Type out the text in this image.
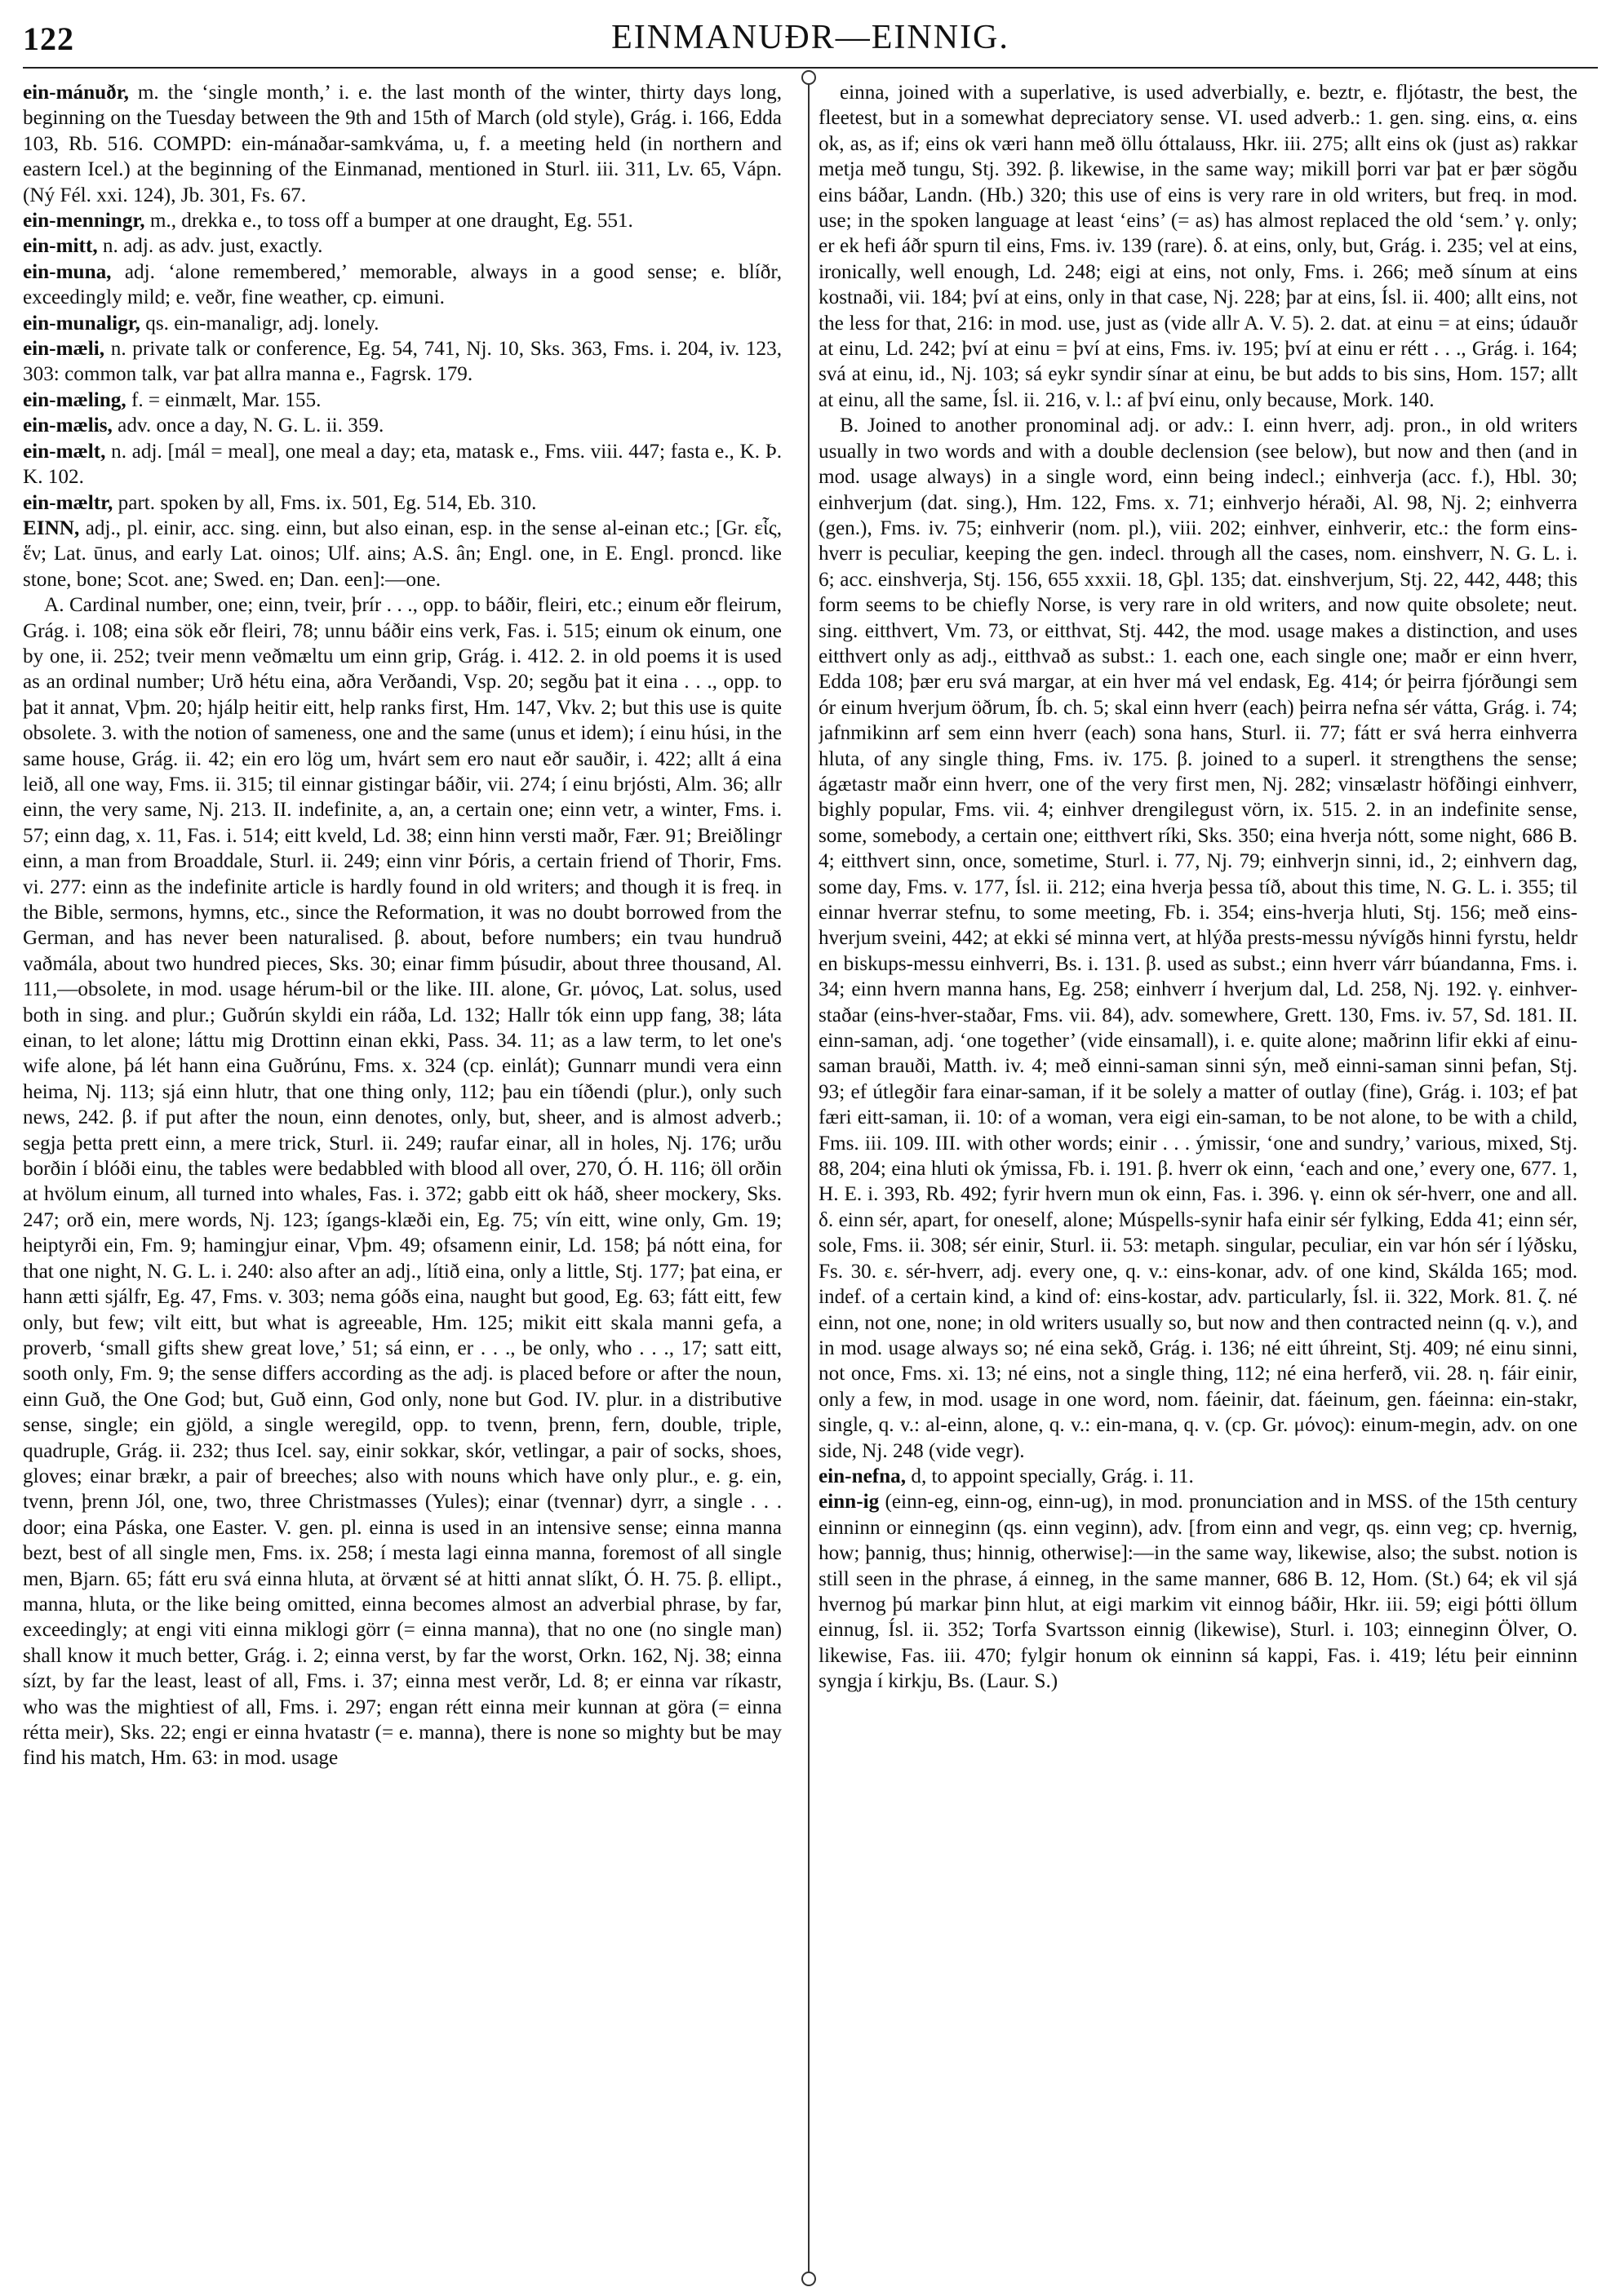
122	EINMANUÐR—EINNIG.

ein-mánuðr, m. the ‘single month,’ i. e. the last month of the winter, thirty days long, beginning on the Tuesday between the 9th and 15th of March (old style), Grág. i. 166, Edda 103, Rb. 516. COMPD: ein-mánaðar-samkváma, u, f. a meeting held (in northern and eastern Icel.) at the beginning of the Einmanad, mentioned in Sturl. iii. 311, Lv. 65, Vápn. (Ný Fél. xxi. 124), Jb. 301, Fs. 67.

ein-menningr, m., drekka e., to toss off a bumper at one draught, Eg. 551.

ein-mitt, n. adj. as adv. just, exactly.

ein-muna, adj. ‘alone remembered,’ memorable, always in a good sense; e. blíðr, exceedingly mild; e. veðr, fine weather, cp. eimuni.

ein-munaligr, qs. ein-manaligr, adj. lonely.

ein-mæli, n. private talk or conference, Eg. 54, 741, Nj. 10, Sks. 363, Fms. i. 204, iv. 123, 303: common talk, var þat allra manna e., Fagrsk. 179.

ein-mæling, f. = einmælt, Mar. 155.

ein-mælis, adv. once a day, N. G. L. ii. 359.

ein-mælt, n. adj. [mál = meal], one meal a day; eta, matask e., Fms. viii. 447; fasta e., K. Þ. K. 102.

ein-mæltr, part. spoken by all, Fms. ix. 501, Eg. 514, Eb. 310.

EINN, adj., pl. einir, acc. sing. einn, but also einan, esp. in the sense al-einan etc.; [Gr. εἷς, ἕν; Lat. ūnus, and early Lat. oinos; Ulf. ains; A.S. ân; Engl. one, in E. Engl. proncd. like stone, bone; Scot. ane; Swed. en; Dan. een]:—one.

A. Cardinal number, one; einn, tveir, þrír . . ., opp. to báðir, fleiri, etc.; einum eðr fleirum, Grág. i. 108; eina sök eðr fleiri, 78; unnu báðir eins verk, Fas. i. 515; einum ok einum, one by one, ii. 252; tveir menn veðmæltu um einn grip, Grág. i. 412. 2. in old poems it is used as an ordinal number; Urð hétu eina, aðra Verðandi, Vsp. 20; segðu þat it eina . . ., opp. to þat it annat, Vþm. 20; hjálp heitir eitt, help ranks first, Hm. 147, Vkv. 2; but this use is quite obsolete. 3. with the notion of sameness, one and the same (unus et idem); í einu húsi, in the same house, Grág. ii. 42; ein ero lög um, hvárt sem ero naut eðr sauðir, i. 422; allt á eina leið, all one way, Fms. ii. 315; til einnar gistingar báðir, vii. 274; í einu brjósti, Alm. 36; allr einn, the very same, Nj. 213. II. indefinite, a, an, a certain one; einn vetr, a winter, Fms. i. 57; einn dag, x. 11, Fas. i. 514; eitt kveld, Ld. 38; einn hinn versti maðr, Fær. 91; Breiðlingr einn, a man from Broaddale, Sturl. ii. 249; einn vinr Þóris, a certain friend of Thorir, Fms. vi. 277: einn as the indefinite article is hardly found in old writers; and though it is freq. in the Bible, sermons, hymns, etc., since the Reformation, it was no doubt borrowed from the German, and has never been naturalised. β. about, before numbers; ein tvau hundruð vaðmála, about two hundred pieces, Sks. 30; einar fimm þúsudir, about three thousand, Al. 111,—obsolete, in mod. usage hérum-bil or the like. III. alone, Gr. μόνος, Lat. solus, used both in sing. and plur.; Guðrún skyldi ein ráða, Ld. 132; Hallr tók einn upp fang, 38; láta einan, to let alone; láttu mig Drottinn einan ekki, Pass. 34. 11; as a law term, to let one's wife alone, þá lét hann eina Guðrúnu, Fms. x. 324 (cp. einlát); Gunnarr mundi vera einn heima, Nj. 113; sjá einn hlutr, that one thing only, 112; þau ein tíðendi (plur.), only such news, 242. β. if put after the noun, einn denotes, only, but, sheer, and is almost adverb.; segja þetta prett einn, a mere trick, Sturl. ii. 249; raufar einar, all in holes, Nj. 176; urðu borðin í blóði einu, the tables were bedabbled with blood all over, 270, Ó. H. 116; öll orðin at hvölum einum, all turned into whales, Fas. i. 372; gabb eitt ok háð, sheer mockery, Sks. 247; orð ein, mere words, Nj. 123; ígangs-klæði ein, Eg. 75; vín eitt, wine only, Gm. 19; heiptyrði ein, Fm. 9; hamingjur einar, Vþm. 49; ofsamenn einir, Ld. 158; þá nótt eina, for that one night, N. G. L. i. 240: also after an adj., lítið eina, only a little, Stj. 177; þat eina, er hann ætti sjálfr, Eg. 47, Fms. v. 303; nema góðs eina, naught but good, Eg. 63; fátt eitt, few only, but few; vilt eitt, but what is agreeable, Hm. 125; mikit eitt skala manni gefa, a proverb, ‘small gifts shew great love,’ 51; sá einn, er . . ., be only, who . . ., 17; satt eitt, sooth only, Fm. 9; the sense differs according as the adj. is placed before or after the noun, einn Guð, the One God; but, Guð einn, God only, none but God. IV. plur. in a distributive sense, single; ein gjöld, a single weregild, opp. to tvenn, þrenn, fern, double, triple, quadruple, Grág. ii. 232; thus Icel. say, einir sokkar, skór, vetlingar, a pair of socks, shoes, gloves; einar brækr, a pair of breeches; also with nouns which have only plur., e. g. ein, tvenn, þrenn Jól, one, two, three Christmasses (Yules); einar (tvennar) dyrr, a single . . . door; eina Páska, one Easter. V. gen. pl. einna is used in an intensive sense; einna manna bezt, best of all single men, Fms. ix. 258; í mesta lagi einna manna, foremost of all single men, Bjarn. 65; fátt eru svá einna hluta, at örvænt sé at hitti annat slíkt, Ó. H. 75. β. ellipt., manna, hluta, or the like being omitted, einna becomes almost an adverbial phrase, by far, exceedingly; at engi viti einna miklogi görr (= einna manna), that no one (no single man) shall know it much better, Grág. i. 2; einna verst, by far the worst, Orkn. 162, Nj. 38; einna sízt, by far the least, least of all, Fms. i. 37; einna mest verðr, Ld. 8; er einna var ríkastr, who was the mightiest of all, Fms. i. 297; engan rétt einna meir kunnan at göra (= einna rétta meir), Sks. 22; engi er einna hvatastr (= e. manna), there is none so mighty but be may find his match, Hm. 63: in mod. usage

einna, joined with a superlative, is used adverbially, e. beztr, e. fljótastr, the best, the fleetest, but in a somewhat depreciatory sense. VI. used adverb.: 1. gen. sing. eins, α. eins ok, as, as if; eins ok væri hann með öllu óttalauss, Hkr. iii. 275; allt eins ok (just as) rakkar metja með tungu, Stj. 392. β. likewise, in the same way; mikill þorri var þat er þær sögðu eins báðar, Landn. (Hb.) 320; this use of eins is very rare in old writers, but freq. in mod. use; in the spoken language at least ‘eins’ (= as) has almost replaced the old ‘sem.’ γ. only; er ek hefi áðr spurn til eins, Fms. iv. 139 (rare). δ. at eins, only, but, Grág. i. 235; vel at eins, ironically, well enough, Ld. 248; eigi at eins, not only, Fms. i. 266; með sínum at eins kostnaði, vii. 184; því at eins, only in that case, Nj. 228; þar at eins, Ísl. ii. 400; allt eins, not the less for that, 216: in mod. use, just as (vide allr A. V. 5). 2. dat. at einu = at eins; údauðr at einu, Ld. 242; því at einu = því at eins, Fms. iv. 195; því at einu er rétt . . ., Grág. i. 164; svá at einu, id., Nj. 103; sá eykr syndir sínar at einu, be but adds to bis sins, Hom. 157; allt at einu, all the same, Ísl. ii. 216, v. l.: af því einu, only because, Mork. 140.

B. Joined to another pronominal adj. or adv.: I. einn hverr, adj. pron., in old writers usually in two words and with a double declension (see below), but now and then (and in mod. usage always) in a single word, einn being indecl.; einhverja (acc. f.), Hbl. 30; einhverjum (dat. sing.), Hm. 122, Fms. x. 71; einhverjo héraði, Al. 98, Nj. 2; einhverra (gen.), Fms. iv. 75; einhverir (nom. pl.), viii. 202; einhver, einhverir, etc.: the form eins-hverr is peculiar, keeping the gen. indecl. through all the cases, nom. einshverr, N. G. L. i. 6; acc. einshverja, Stj. 156, 655 xxxii. 18, Gþl. 135; dat. einshverjum, Stj. 22, 442, 448; this form seems to be chiefly Norse, is very rare in old writers, and now quite obsolete; neut. sing. eitthvert, Vm. 73, or eitthvat, Stj. 442, the mod. usage makes a distinction, and uses eitthvert only as adj., eitthvað as subst.: 1. each one, each single one; maðr er einn hverr, Edda 108; þær eru svá margar, at ein hver má vel endask, Eg. 414; ór þeirra fjórðungi sem ór einum hverjum öðrum, Íb. ch. 5; skal einn hverr (each) þeirra nefna sér vátta, Grág. i. 74; jafnmikinn arf sem einn hverr (each) sona hans, Sturl. ii. 77; fátt er svá herra einhverra hluta, of any single thing, Fms. iv. 175. β. joined to a superl. it strengthens the sense; ágætastr maðr einn hverr, one of the very first men, Nj. 282; vinsælastr höfðingi einhverr, bighly popular, Fms. vii. 4; einhver drengilegust vörn, ix. 515. 2. in an indefinite sense, some, somebody, a certain one; eitthvert ríki, Sks. 350; eina hverja nótt, some night, 686 B. 4; eitthvert sinn, once, sometime, Sturl. i. 77, Nj. 79; einhverjn sinni, id., 2; einhvern dag, some day, Fms. v. 177, Ísl. ii. 212; eina hverja þessa tíð, about this time, N. G. L. i. 355; til einnar hverrar stefnu, to some meeting, Fb. i. 354; eins-hverja hluti, Stj. 156; með eins-hverjum sveini, 442; at ekki sé minna vert, at hlýða prests-messu nývígðs hinni fyrstu, heldr en biskups-messu einhverri, Bs. i. 131. β. used as subst.; einn hverr várr búandanna, Fms. i. 34; einn hvern manna hans, Eg. 258; einhverr í hverjum dal, Ld. 258, Nj. 192. γ. einhver-staðar (eins-hver-staðar, Fms. vii. 84), adv. somewhere, Grett. 130, Fms. iv. 57, Sd. 181. II. einn-saman, adj. ‘one together’ (vide einsamall), i. e. quite alone; maðrinn lifir ekki af einu-saman brauði, Matth. iv. 4; með einni-saman sinni sýn, með einni-saman sinni þefan, Stj. 93; ef útlegðir fara einar-saman, if it be solely a matter of outlay (fine), Grág. i. 103; ef þat færi eitt-saman, ii. 10: of a woman, vera eigi ein-saman, to be not alone, to be with a child, Fms. iii. 109. III. with other words; einir . . . ýmissir, ‘one and sundry,’ various, mixed, Stj. 88, 204; eina hluti ok ýmissa, Fb. i. 191. β. hverr ok einn, ‘each and one,’ every one, 677. 1, H. E. i. 393, Rb. 492; fyrir hvern mun ok einn, Fas. i. 396. γ. einn ok sér-hverr, one and all. δ. einn sér, apart, for oneself, alone; Múspells-synir hafa einir sér fylking, Edda 41; einn sér, sole, Fms. ii. 308; sér einir, Sturl. ii. 53: metaph. singular, peculiar, ein var hón sér í lýðsku, Fs. 30. ε. sér-hverr, adj. every one, q. v.: eins-konar, adv. of one kind, Skálda 165; mod. indef. of a certain kind, a kind of: eins-kostar, adv. particularly, Ísl. ii. 322, Mork. 81. ζ. né einn, not one, none; in old writers usually so, but now and then contracted neinn (q. v.), and in mod. usage always so; né eina sekð, Grág. i. 136; né eitt úhreint, Stj. 409; né einu sinni, not once, Fms. xi. 13; né eins, not a single thing, 112; né eina herferð, vii. 28. η. fáir einir, only a few, in mod. usage in one word, nom. fáeinir, dat. fáeinum, gen. fáeinna: ein-stakr, single, q. v.: al-einn, alone, q. v.: ein-mana, q. v. (cp. Gr. μόνος): einum-megin, adv. on one side, Nj. 248 (vide vegr).

ein-nefna, d, to appoint specially, Grág. i. 11.

einn-ig (einn-eg, einn-og, einn-ug), in mod. pronunciation and in MSS. of the 15th century einninn or einneginn (qs. einn veginn), adv. [from einn and vegr, qs. einn veg; cp. hvernig, how; þannig, thus; hinnig, otherwise]:—in the same way, likewise, also; the subst. notion is still seen in the phrase, á einneg, in the same manner, 686 B. 12, Hom. (St.) 64; ek vil sjá hvernog þú markar þinn hlut, at eigi markim vit einnog báðir, Hkr. iii. 59; eigi þótti öllum einnug, Ísl. ii. 352; Torfa Svartsson einnig (likewise), Sturl. i. 103; einneginn Ölver, O. likewise, Fas. iii. 470; fylgir honum ok einninn sá kappi, Fas. i. 419; létu þeir einninn syngja í kirkju, Bs. (Laur. S.)
